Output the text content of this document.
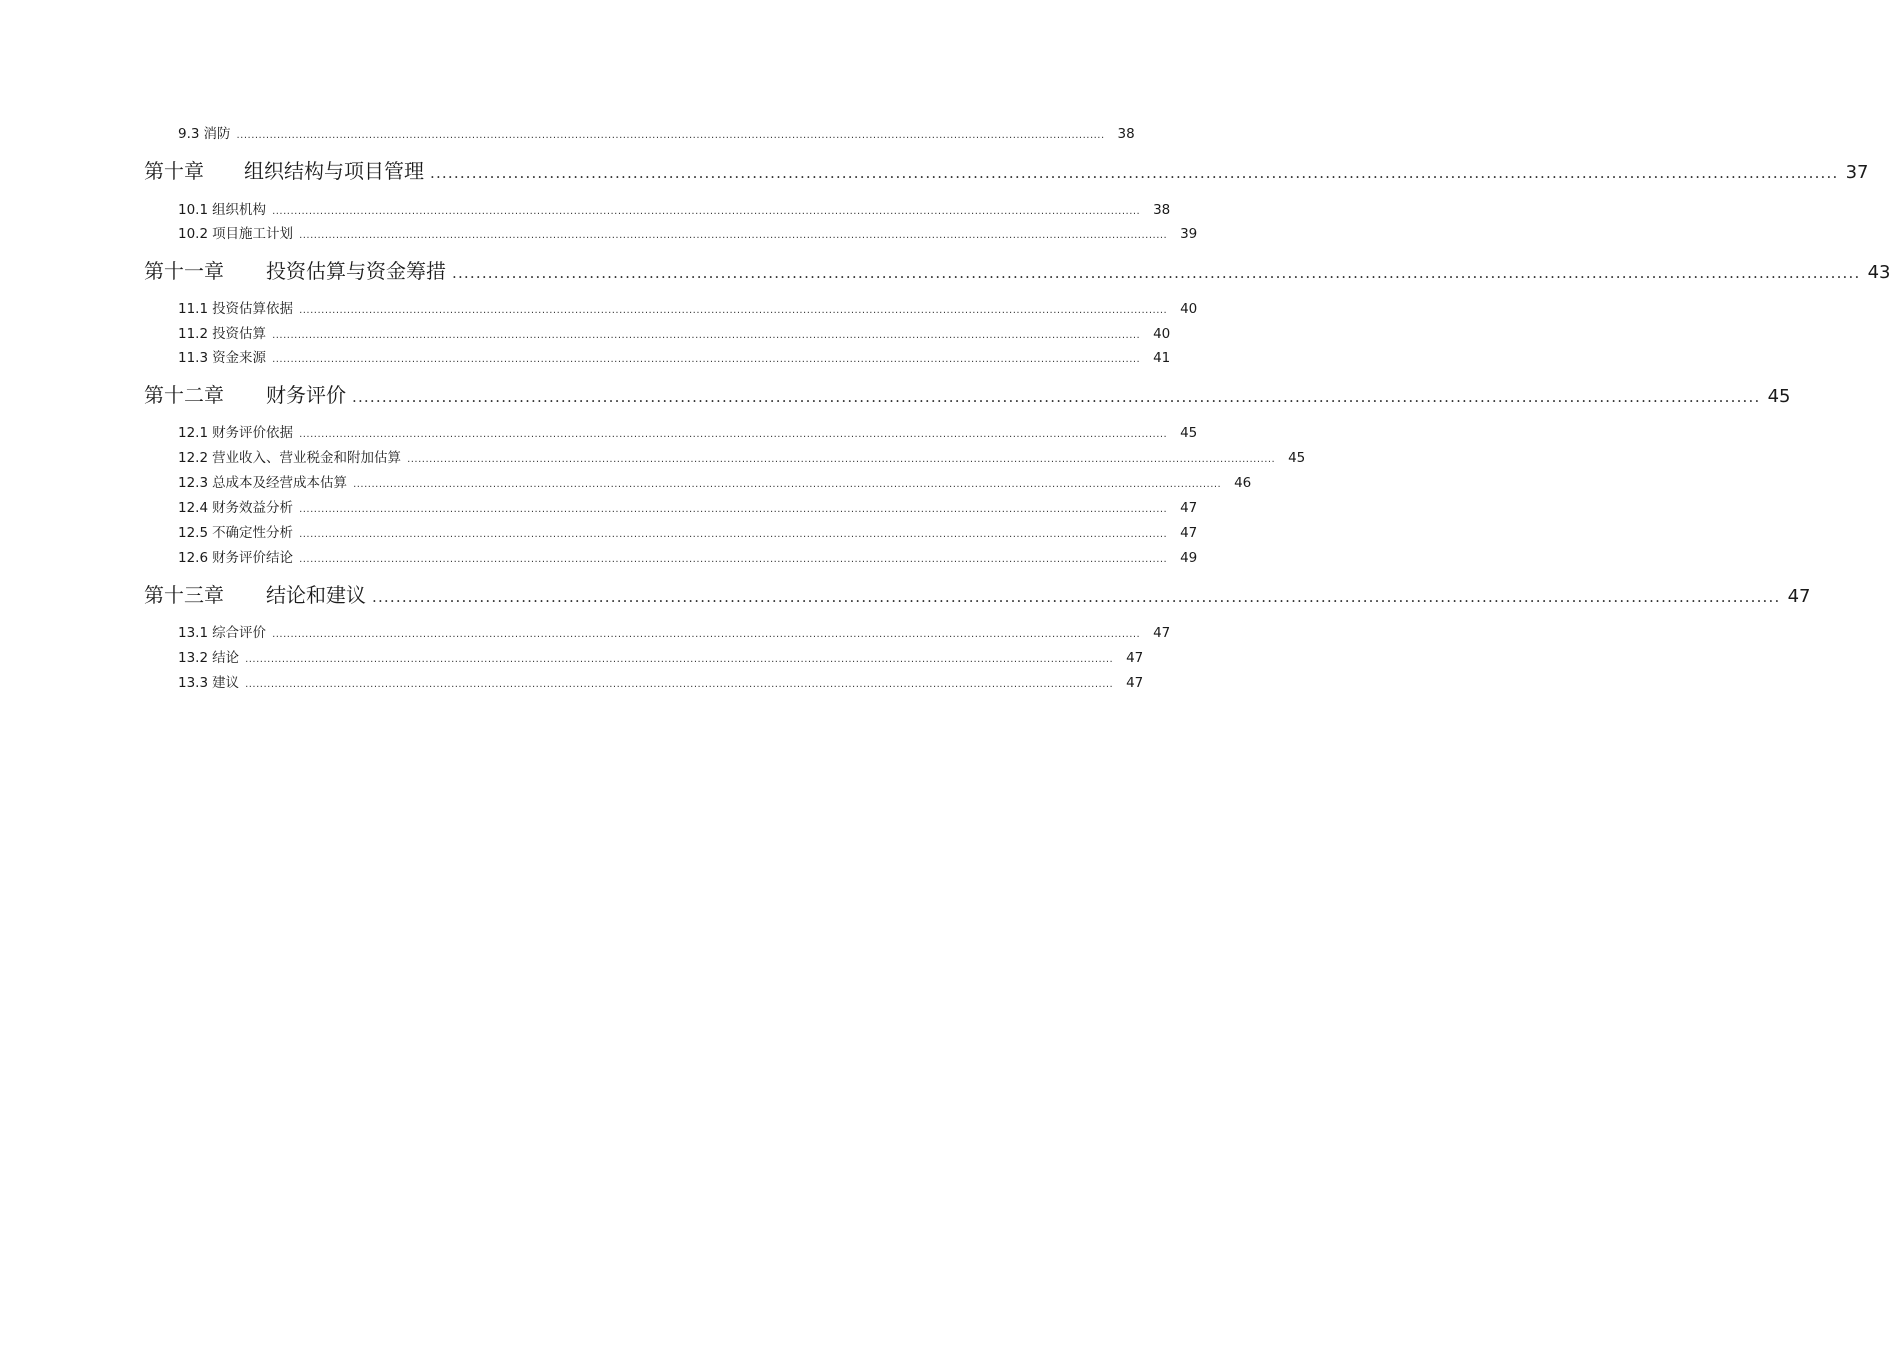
9.3 消防 ............................................................................................................................................................................................................................................ 38
第十章 组织结构与项目管理 ............................................................................................................................................................................................................................................ 37
10.1 组织机构 ............................................................................................................................................................................................................................................ 38
10.2 项目施工计划 ............................................................................................................................................................................................................................................ 39
第十一章 投资估算与资金筹措 ............................................................................................................................................................................................................................................ 43
11.1 投资估算依据 ............................................................................................................................................................................................................................................ 40
11.2 投资估算 ............................................................................................................................................................................................................................................ 40
11.3 资金来源 ............................................................................................................................................................................................................................................ 41
第十二章 财务评价 ............................................................................................................................................................................................................................................ 45
12.1 财务评价依据 ............................................................................................................................................................................................................................................ 45
12.2 营业收入、营业税金和附加估算 ............................................................................................................................................................................................................................................ 45
12.3 总成本及经营成本估算 ............................................................................................................................................................................................................................................ 46
12.4 财务效益分析 ............................................................................................................................................................................................................................................ 47
12.5 不确定性分析 ............................................................................................................................................................................................................................................ 47
12.6 财务评价结论 ............................................................................................................................................................................................................................................ 49
第十三章 结论和建议 ............................................................................................................................................................................................................................................ 47
13.1 综合评价 ............................................................................................................................................................................................................................................ 47
13.2 结论 ............................................................................................................................................................................................................................................ 47
13.3 建议 ............................................................................................................................................................................................................................................ 47
